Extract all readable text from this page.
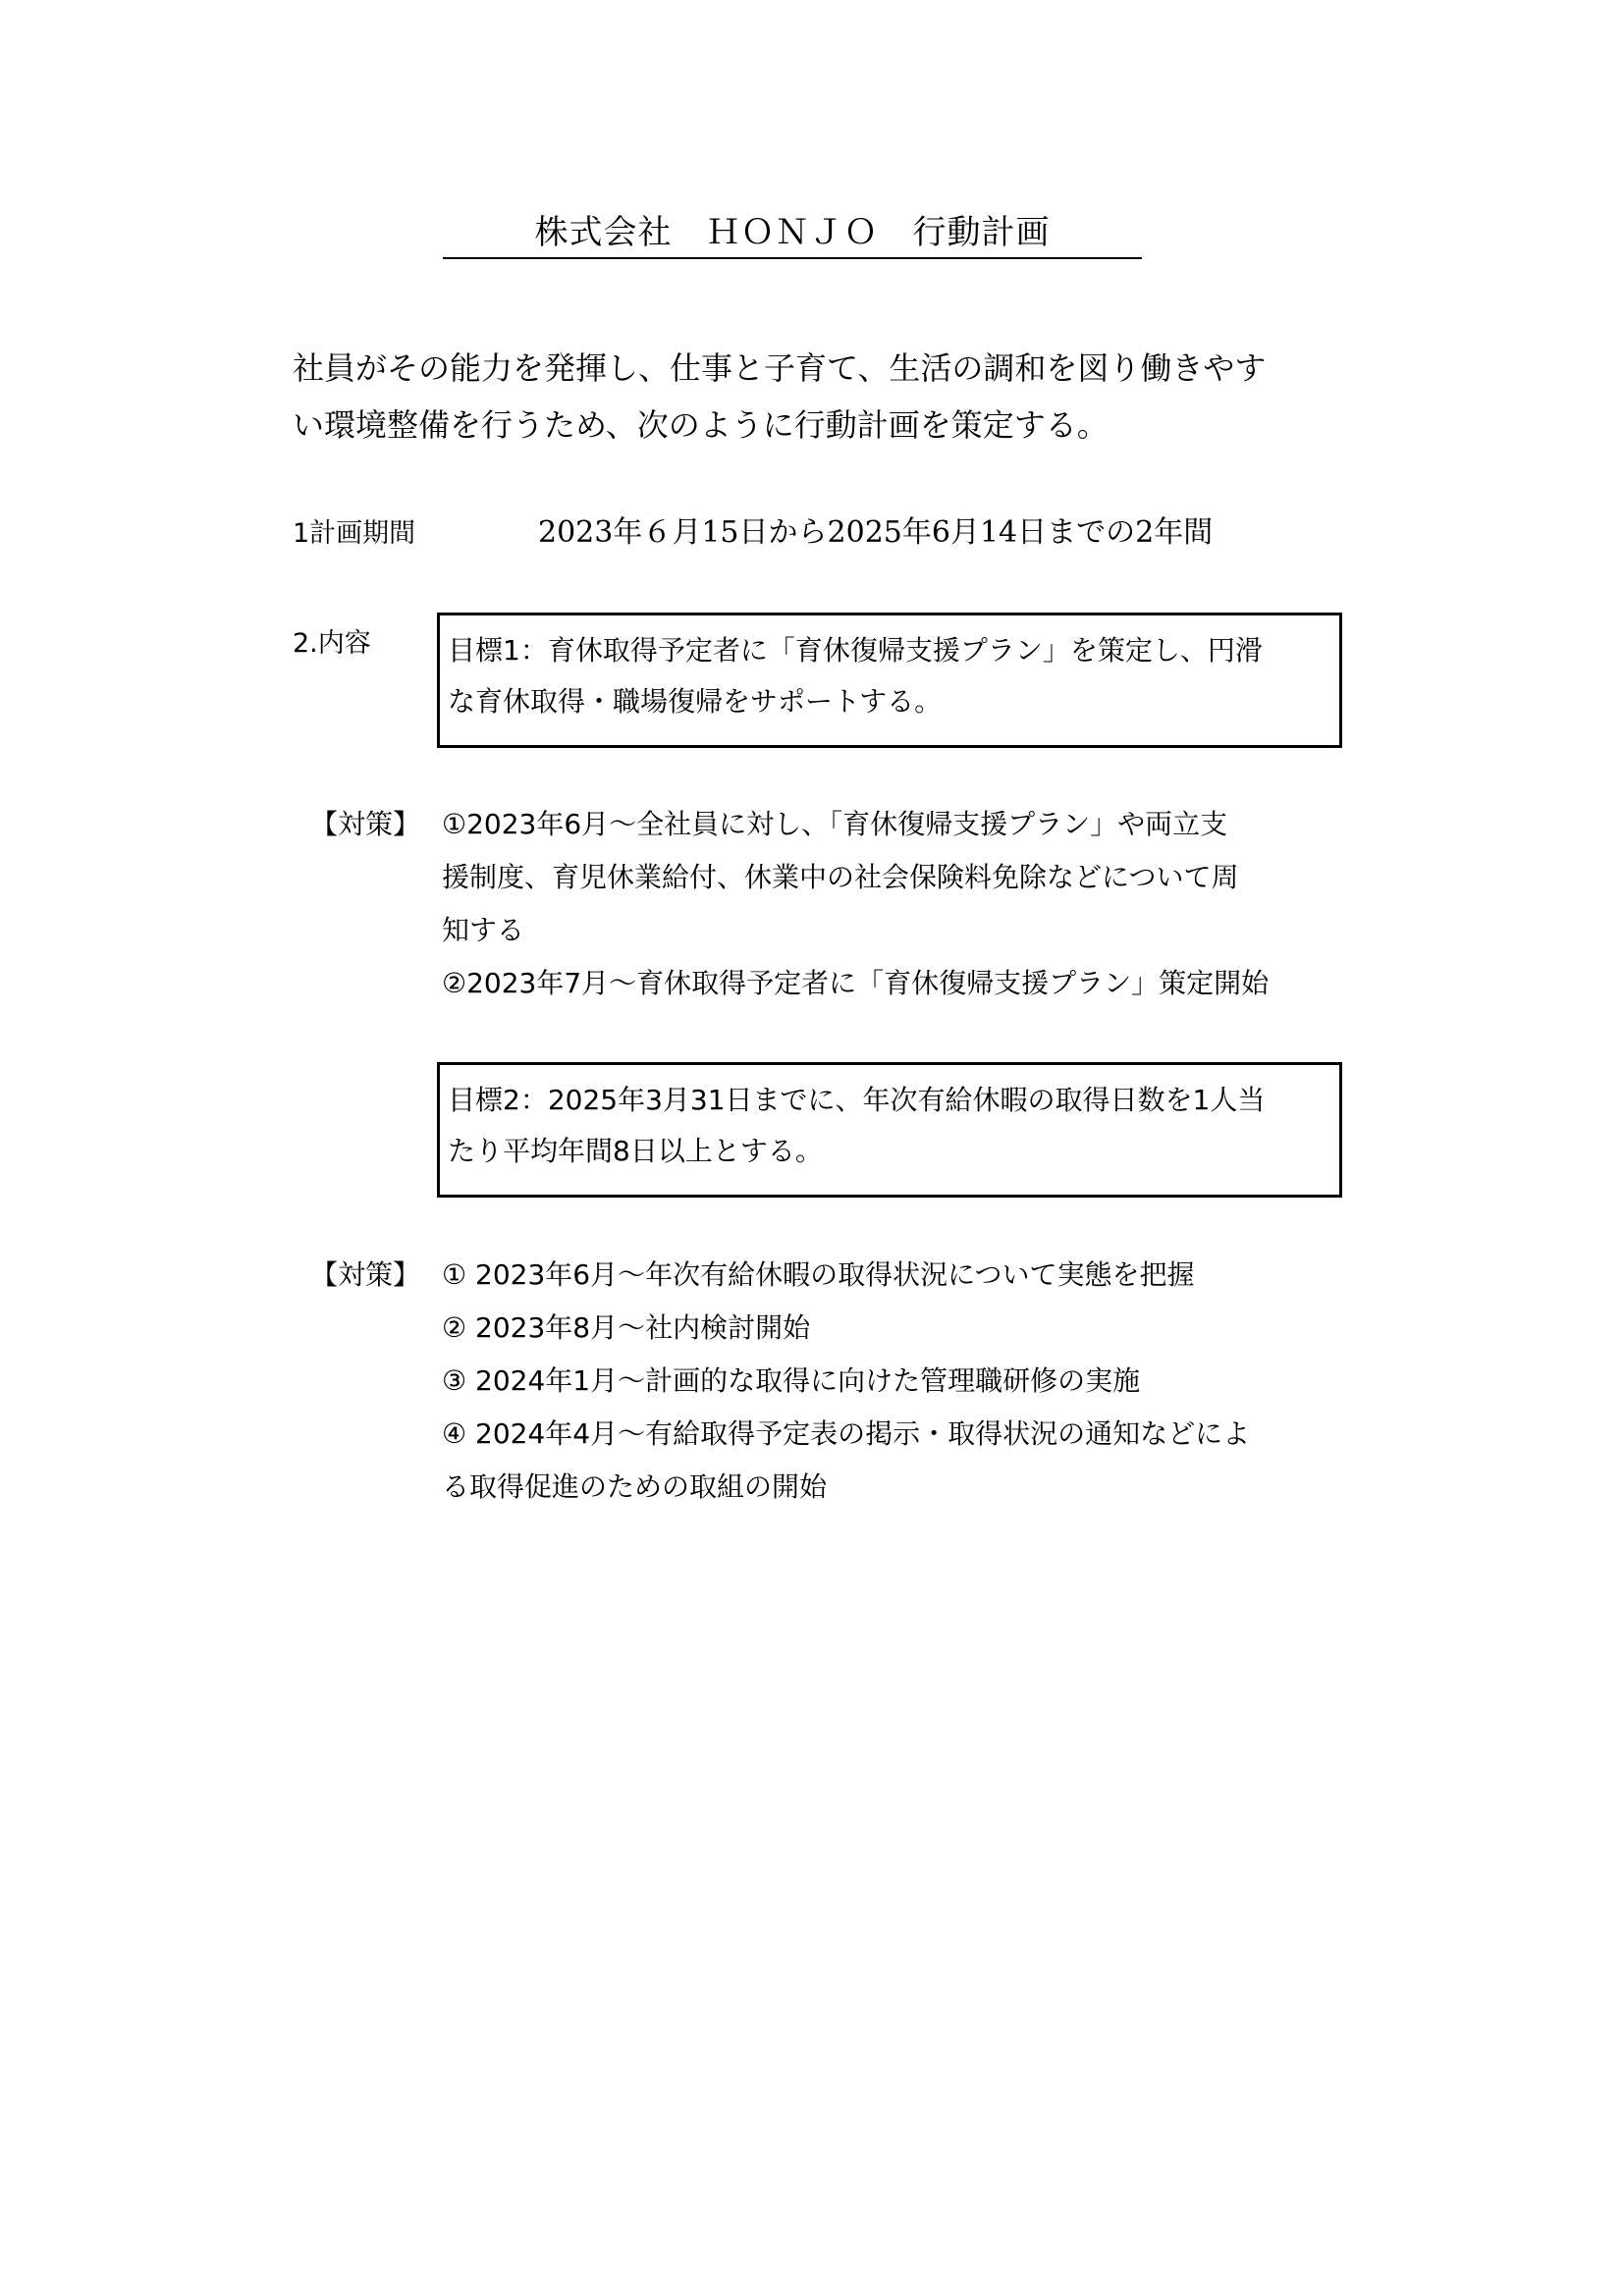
株式会社　ＨＯＮＪＯ　行動計画
社員がその能力を発揮し、仕事と子育て、生活の調和を図り働きやす
い環境整備を行うため、次のように行動計画を策定する。
1計画期間	2023年６月15日から2025年6月14日までの2年間
2.内容	目標1：育休取得予定者に「育休復帰支援プラン」を策定し、円滑
な育休取得・職場復帰をサポートする。
【対策】 ①2023年6月～全社員に対し、「育休復帰支援プラン」や両立支
援制度、育児休業給付、休業中の社会保険料免除などについて周
知する
②2023年7月～育休取得予定者に「育休復帰支援プラン」策定開始
目標2：2025年3月31日までに、年次有給休暇の取得日数を1人当
たり平均年間8日以上とする。
【対策】 ① 2023年6月～年次有給休暇の取得状況について実態を把握
② 2023年8月～社内検討開始
③ 2024年1月～計画的な取得に向けた管理職研修の実施
④ 2024年4月～有給取得予定表の掲示・取得状況の通知などによ
る取得促進のための取組の開始
